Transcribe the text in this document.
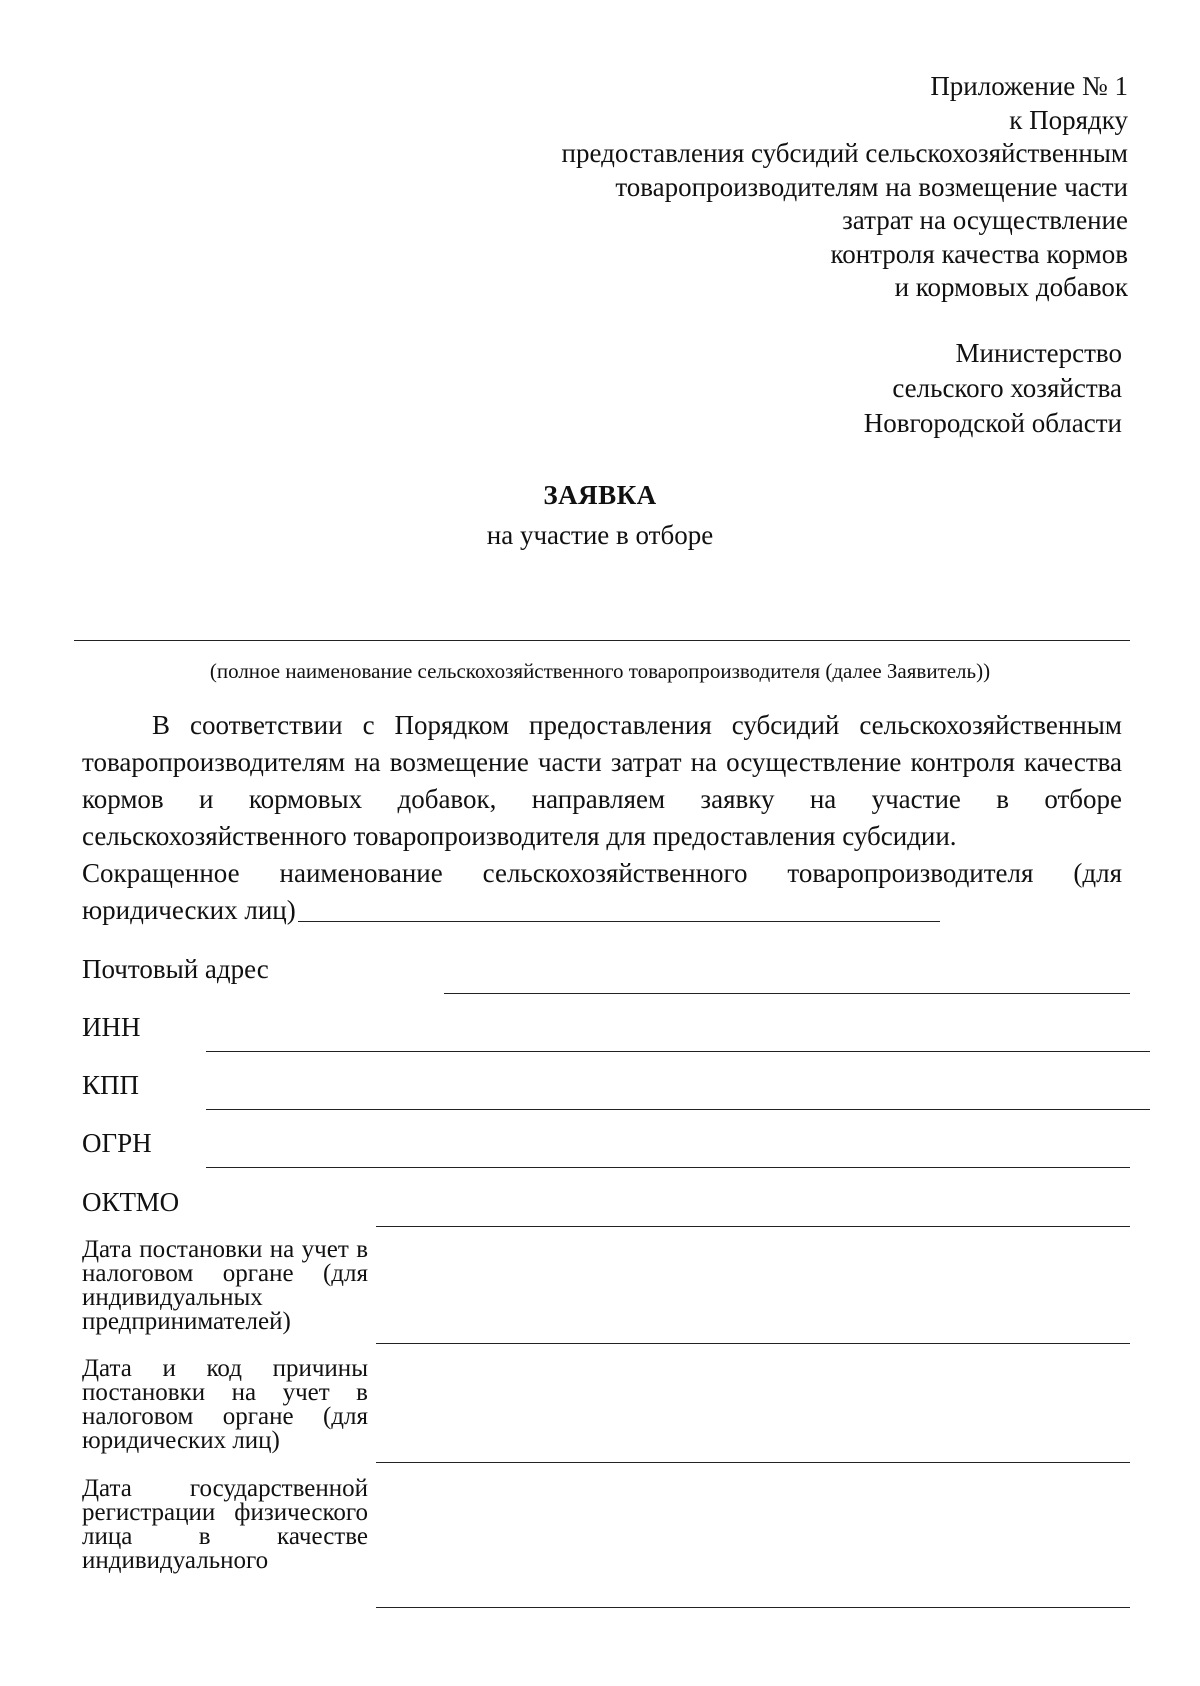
Приложение № 1
к Порядку
предоставления субсидий сельскохозяйственным
товаропроизводителям на возмещение части
затрат на осуществление
контроля качества кормов
и кормовых добавок
Министерство
сельского хозяйства
Новгородской области
ЗАЯВКА
на участие в отборе
(полное наименование сельскохозяйственного товаропроизводителя (далее Заявитель))
В соответствии с Порядком предоставления субсидий сельскохозяйственным товаропроизводителям на возмещение части затрат на осуществление контроля качества кормов и кормовых добавок, направляем заявку на участие в отборе сельскохозяйственного товаропроизводителя для предоставления субсидии.
Сокращенное наименование сельскохозяйственного товаропроизводителя (для юридических лиц)
Почтовый адрес
ИНН
КПП
ОГРН
ОКТМО
Дата постановки на учет в налоговом органе (для индивидуальных предпринимателей)
Дата и код причины постановки на учет в налоговом органе (для юридических лиц)
Дата государственной регистрации физического лица в качестве индивидуального
